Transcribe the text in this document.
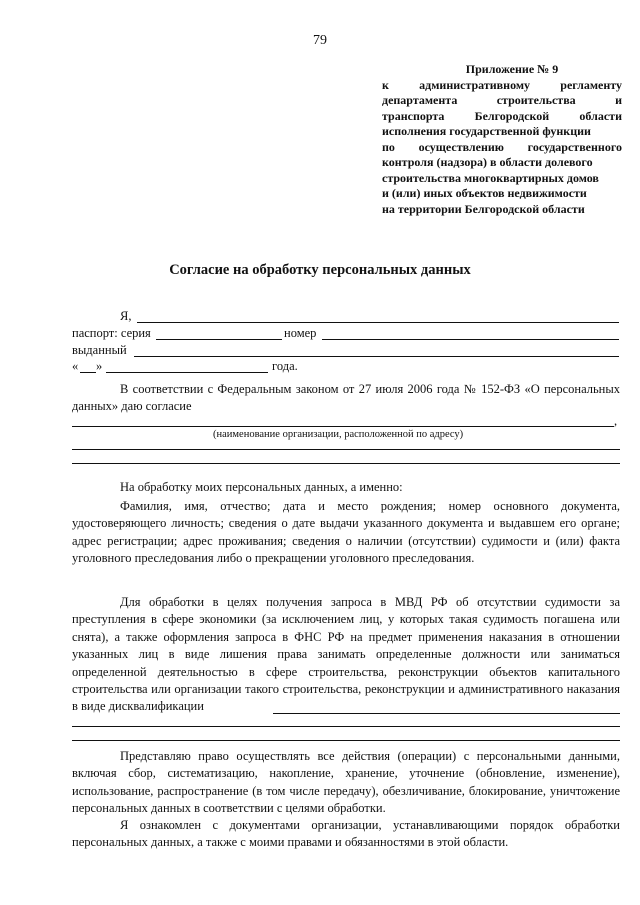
79
Приложение № 9
к	административному	регламенту
департамента	строительства	и
транспорта	Белгородской	области
исполнения государственной функции
по осуществлению государственного
контроля (надзора) в области долевого
строительства многоквартирных домов
и (или) иных объектов недвижимости
на территории Белгородской области
Согласие на обработку персональных данных
Я,
паспорт: серия	номер
выданный
« »	года.
В соответствии с Федеральным законом от 27 июля 2006 года № 152-ФЗ «О персональных данных» даю согласие
,
(наименование организации, расположенной по адресу)
На обработку моих персональных данных, а именно:
Фамилия, имя, отчество; дата и место рождения; номер основного документа, удостоверяющего личность; сведения о дате выдачи указанного документа и выдавшем его органе; адрес регистрации; адрес проживания; сведения о наличии (отсутствии) судимости и (или) факта уголовного преследования либо о прекращении уголовного преследования.
Для обработки в целях получения запроса в МВД РФ об отсутствии судимости за преступления в сфере экономики (за исключением лиц, у которых такая судимость погашена или снята), а также оформления запроса в ФНС РФ на предмет применения наказания в отношении указанных лиц в виде лишения права занимать определенные должности или заниматься определенной деятельностью в сфере строительства, реконструкции объектов капитального строительства или организации такого строительства, реконструкции и административного наказания в виде дисквалификации
Представляю право осуществлять все действия (операции) с персональными данными, включая сбор, систематизацию, накопление, хранение, уточнение (обновление, изменение), использование, распространение (в том числе передачу), обезличивание, блокирование, уничтожение персональных данных в соответствии с целями обработки.
Я ознакомлен с документами организации, устанавливающими порядок обработки персональных данных, а также с моими правами и обязанностями в этой области.
